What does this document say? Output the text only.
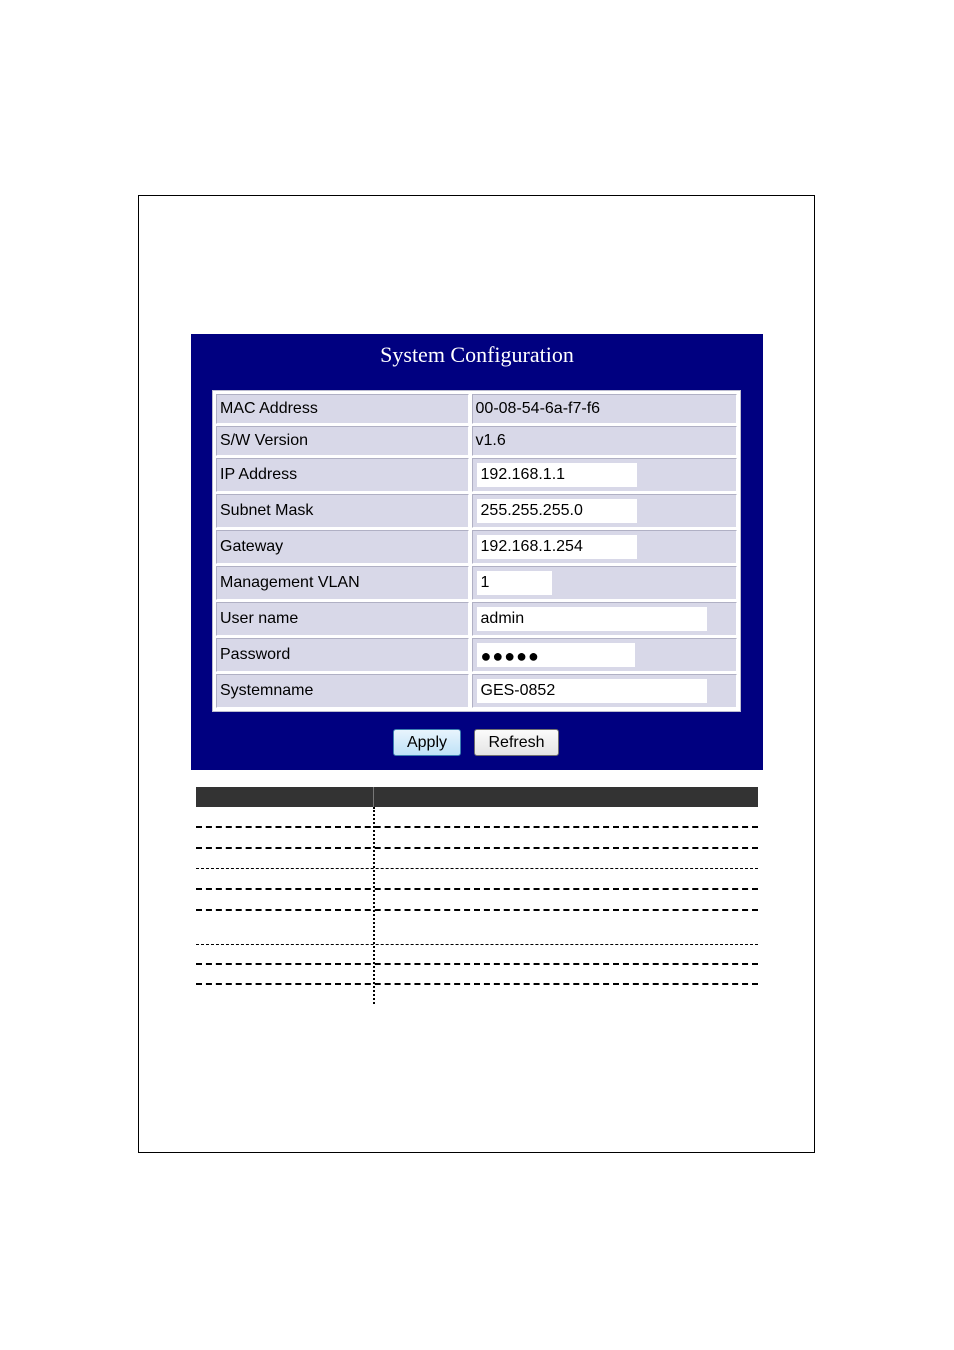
System Configuration
MAC Address	00-08-54-6a-f7-f6
S/W Version	v1.6
IP Address	192.168.1.1
Subnet Mask	255.255.255.0
Gateway	192.168.1.254
Management VLAN	1
User name	admin
Password	●●●●●
Systemname	GES-0852
Apply	Refresh
